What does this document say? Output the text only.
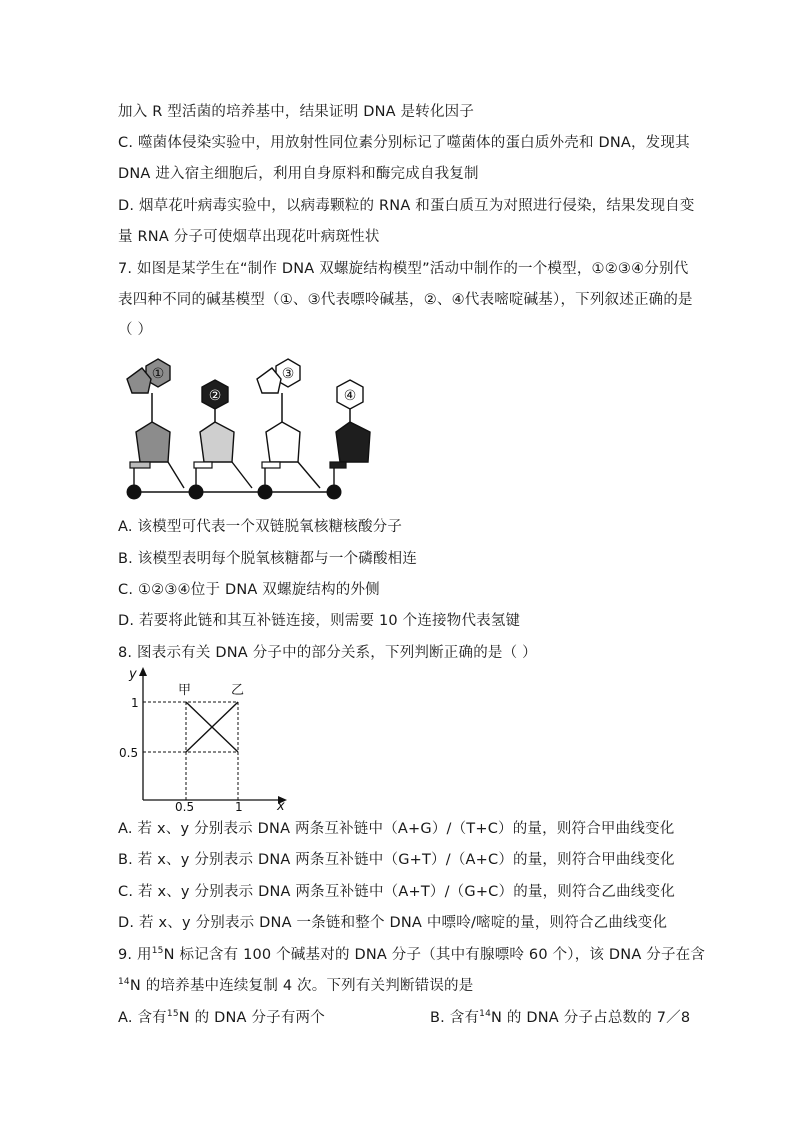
加入 R 型活菌的培养基中，结果证明 DNA 是转化因子
C. 噬菌体侵染实验中，用放射性同位素分别标记了噬菌体的蛋白质外壳和 DNA，发现其
DNA 进入宿主细胞后，利用自身原料和酶完成自我复制
D. 烟草花叶病毒实验中，以病毒颗粒的 RNA 和蛋白质互为对照进行侵染，结果发现自变
量 RNA 分子可使烟草出现花叶病斑性状
7. 如图是某学生在“制作 DNA 双螺旋结构模型”活动中制作的一个模型，①②③④分别代
表四种不同的碱基模型（①、③代表嘌呤碱基，②、④代表嘧啶碱基），下列叙述正确的是
（ ）
①
②
③
④
A. 该模型可代表一个双链脱氧核糖核酸分子
B. 该模型表明每个脱氧核糖都与一个磷酸相连
C. ①②③④位于 DNA 双螺旋结构的外侧
D. 若要将此链和其互补链连接，则需要 10 个连接物代表氢键
8. 图表示有关 DNA 分子中的部分关系，下列判断正确的是（ ）
y
x
1
0.5
0.5	1
甲	乙
A. 若 x、y 分别表示 DNA 两条互补链中（A+G）/（T+C）的量，则符合甲曲线变化
B. 若 x、y 分别表示 DNA 两条互补链中（G+T）/（A+C）的量，则符合甲曲线变化
C. 若 x、y 分别表示 DNA 两条互补链中（A+T）/（G+C）的量，则符合乙曲线变化
D. 若 x、y 分别表示 DNA 一条链和整个 DNA 中嘌呤/嘧啶的量，则符合乙曲线变化
9. 用$^{15}$N 标记含有 100 个碱基对的 DNA 分子（其中有腺嘌呤 60 个），该 DNA 分子在含
$^{14}$N 的培养基中连续复制 4 次。下列有关判断错误的是
A. 含有$^{15}$N 的 DNA 分子有两个	B. 含有$^{14}$N 的 DNA 分子占总数的 7／8
